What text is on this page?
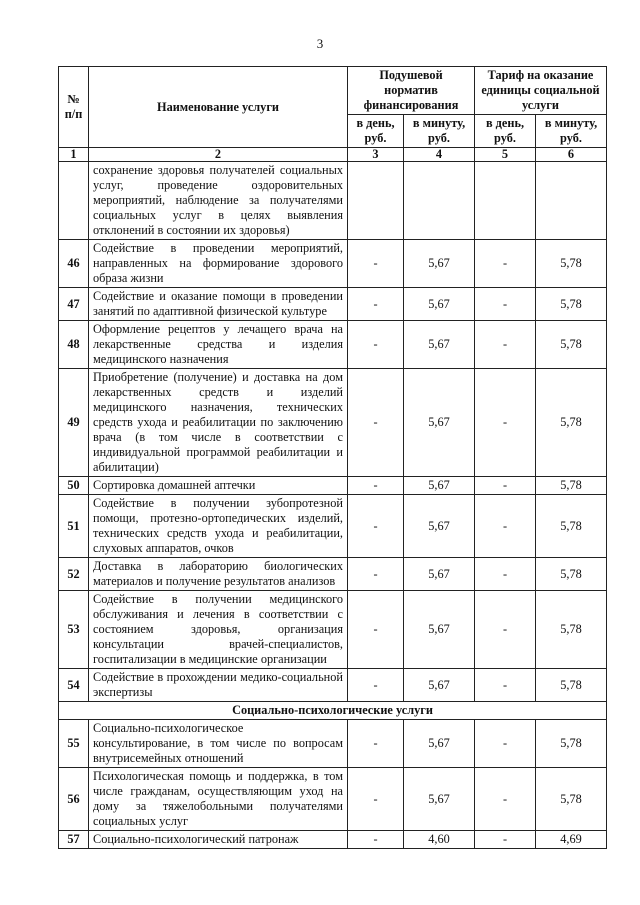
3
№ п/п	Наименование услуги	Подушевой норматив финансирования		Тариф на оказание единицы социальной услуги	
		в день, руб.	в минуту, руб.	в день, руб.	в минуту, руб.
1	2	3	4	5	6
	сохранение здоровья получателей социальных услуг, проведение оздоровительных мероприятий, наблюдение за получателями социальных услуг в целях выявления отклонений в состоянии их здоровья)				
46	Содействие в проведении мероприятий, направленных на формирование здорового образа жизни	-	5,67	-	5,78
47	Содействие и оказание помощи в проведении занятий по адаптивной физической культуре	-	5,67	-	5,78
48	Оформление рецептов у лечащего врача на лекарственные средства и изделия медицинского назначения	-	5,67	-	5,78
49	Приобретение (получение) и доставка на дом лекарственных средств и изделий медицинского назначения, технических средств ухода и реабилитации по заключению врача (в том числе в соответствии с индивидуальной программой реабилитации и абилитации)	-	5,67	-	5,78
50	Сортировка домашней аптечки	-	5,67	-	5,78
51	Содействие в получении зубопротезной помощи, протезно-ортопедических изделий, технических средств ухода и реабилитации, слуховых аппаратов, очков	-	5,67	-	5,78
52	Доставка в лабораторию биологических материалов и получение результатов анализов	-	5,67	-	5,78
53	Содействие в получении медицинского обслуживания и лечения в соответствии с состоянием здоровья, организация консультации врачей-специалистов, госпитализации в медицинские организации	-	5,67	-	5,78
54	Содействие в прохождении медико-социальной экспертизы	-	5,67	-	5,78
Социально-психологические услуги					
55	Социально-психологическое консультирование, в том числе по вопросам внутрисемейных отношений	-	5,67	-	5,78
56	Психологическая помощь и поддержка, в том числе гражданам, осуществляющим уход на дому за тяжелобольными получателями социальных услуг	-	5,67	-	5,78
57	Социально-психологический патронаж	-	4,60	-	4,69
